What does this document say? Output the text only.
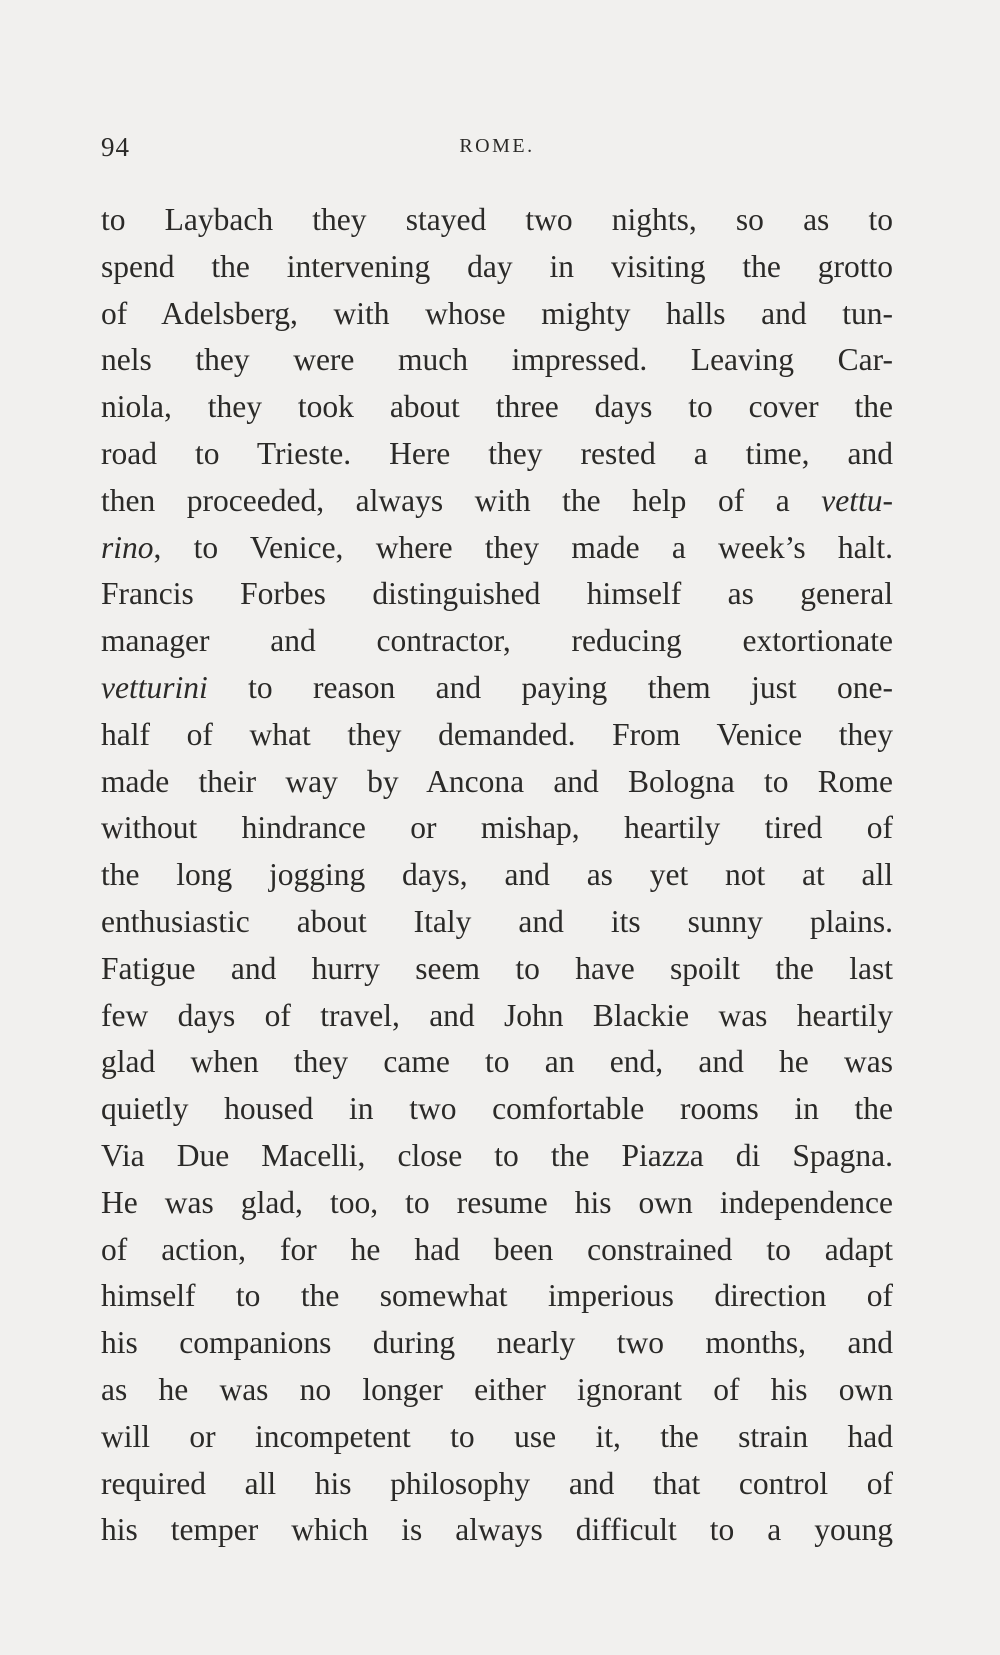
94	ROME.
to Laybach they stayed two nights, so as to
spend the intervening day in visiting the grotto
of Adelsberg, with whose mighty halls and tun-
nels they were much impressed. Leaving Car-
niola, they took about three days to cover the
road to Trieste. Here they rested a time, and
then proceeded, always with the help of a vettu-
rino, to Venice, where they made a week’s halt.
Francis Forbes distinguished himself as general
manager and contractor, reducing extortionate
vetturini to reason and paying them just one-
half of what they demanded. From Venice they
made their way by Ancona and Bologna to Rome
without hindrance or mishap, heartily tired of
the long jogging days, and as yet not at all
enthusiastic about Italy and its sunny plains.
Fatigue and hurry seem to have spoilt the last
few days of travel, and John Blackie was heartily
glad when they came to an end, and he was
quietly housed in two comfortable rooms in the
Via Due Macelli, close to the Piazza di Spagna.
He was glad, too, to resume his own independence
of action, for he had been constrained to adapt
himself to the somewhat imperious direction of
his companions during nearly two months, and
as he was no longer either ignorant of his own
will or incompetent to use it, the strain had
required all his philosophy and that control of
his temper which is always difficult to a young
